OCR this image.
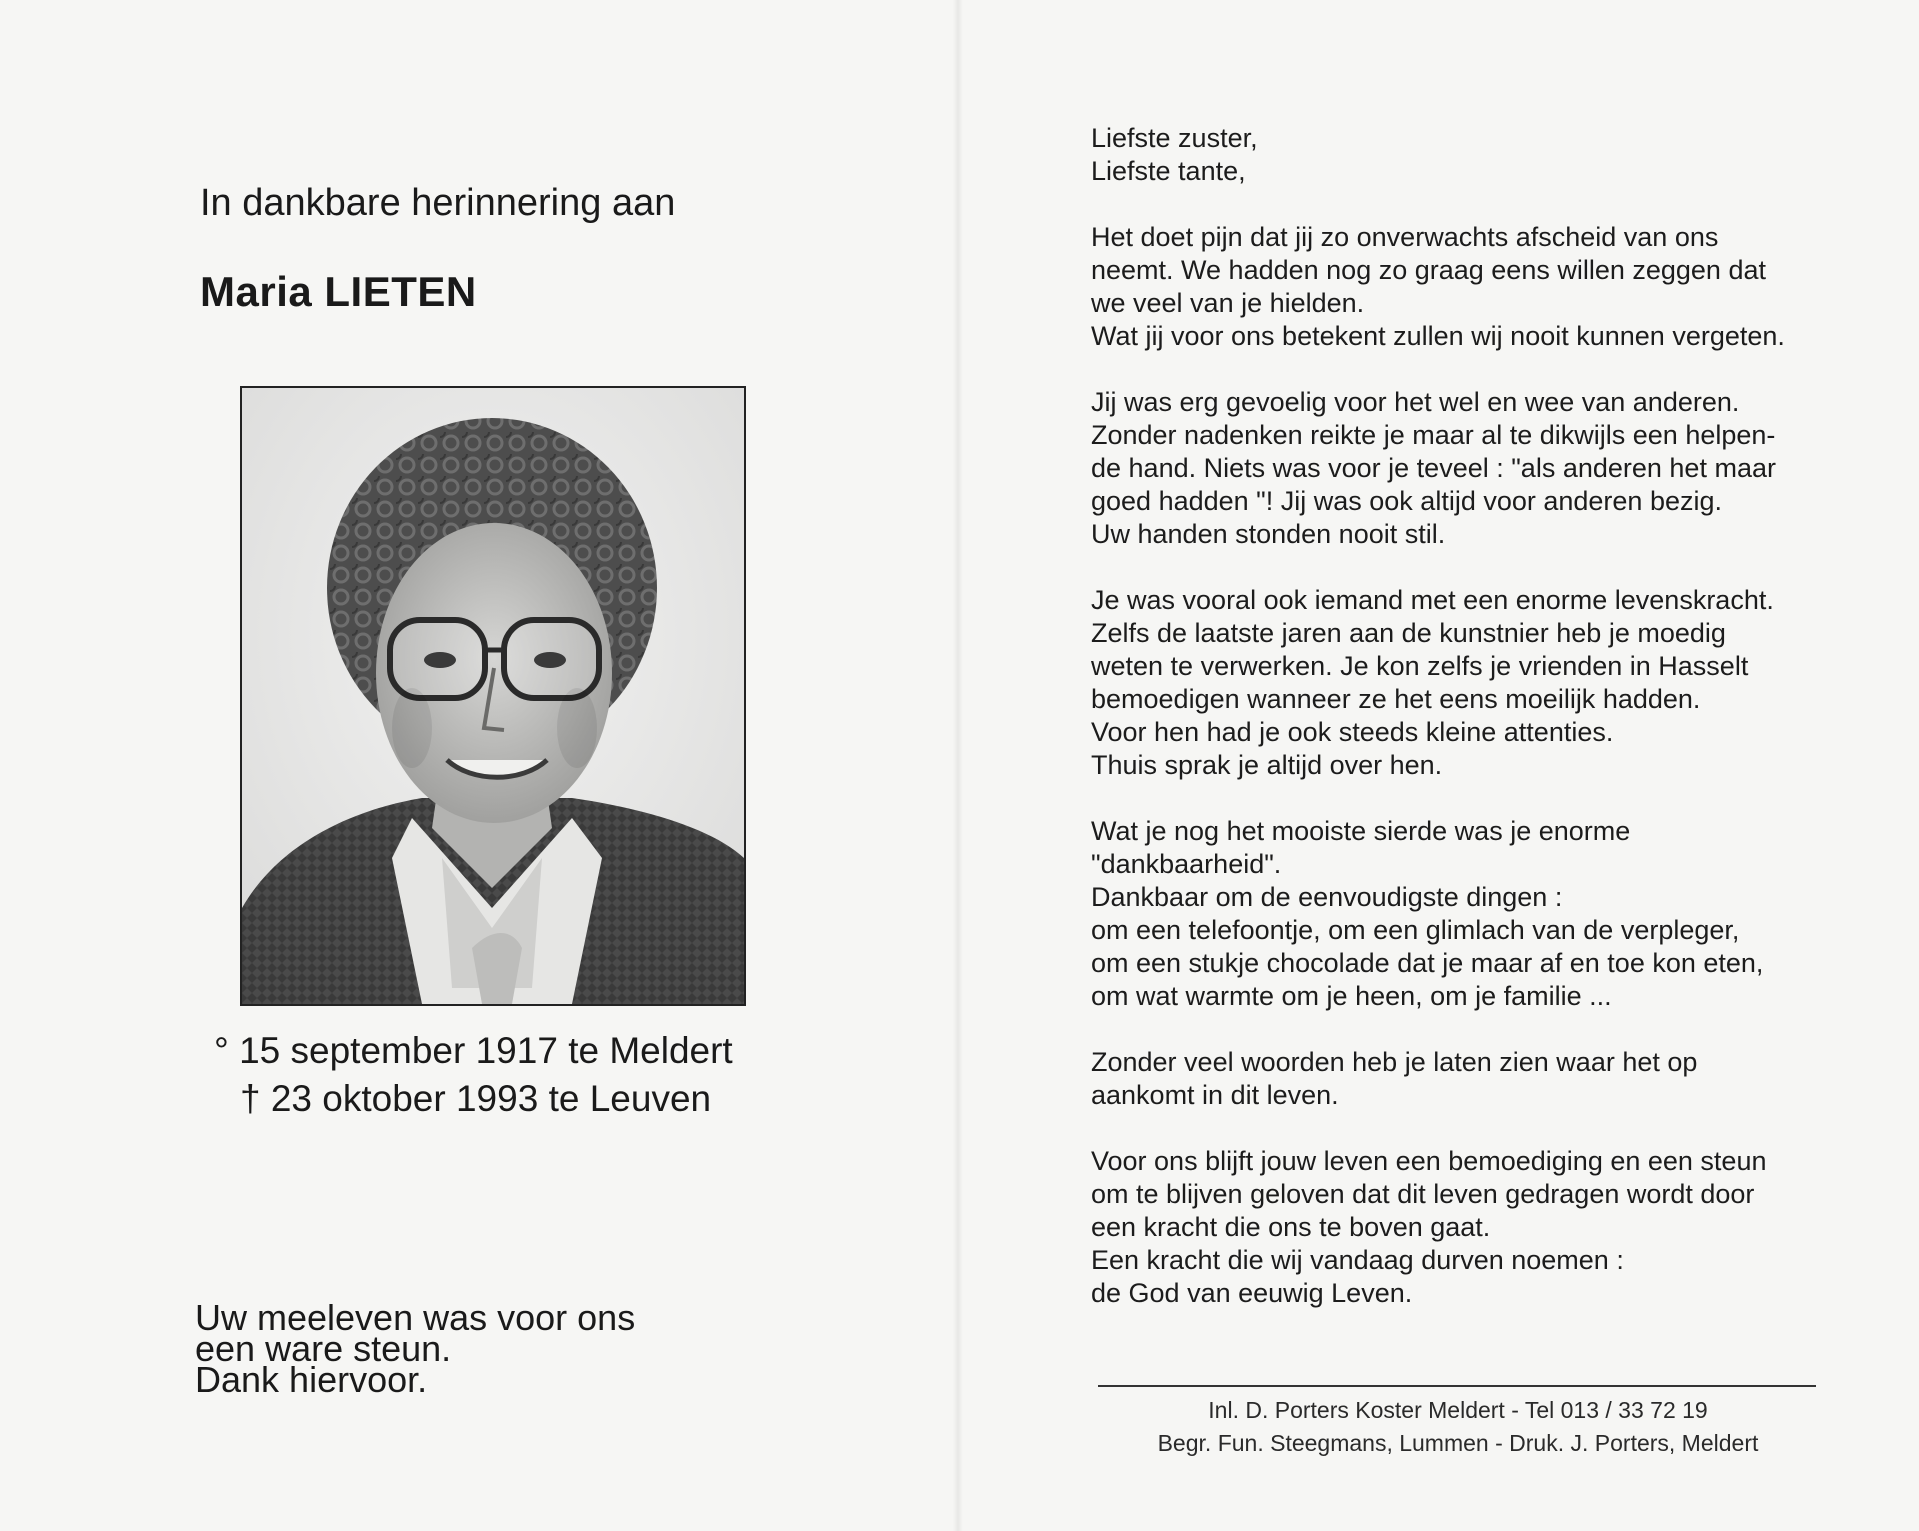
In dankbare herinnering aan
Maria LIETEN
° 15 september 1917 te Meldert
† 23 oktober 1993 te Leuven
Uw meeleven was voor ons
een ware steun.
Dank hiervoor.
Liefste zuster,
Liefste tante,
Het doet pijn dat jij zo onverwachts afscheid van ons
neemt. We hadden nog zo graag eens willen zeggen dat
we veel van je hielden.
Wat jij voor ons betekent zullen wij nooit kunnen vergeten.
Jij was erg gevoelig voor het wel en wee van anderen.
Zonder nadenken reikte je maar al te dikwijls een helpen-
de hand. Niets was voor je teveel : "als anderen het maar
goed hadden "! Jij was ook altijd voor anderen bezig.
Uw handen stonden nooit stil.
Je was vooral ook iemand met een enorme levenskracht.
Zelfs de laatste jaren aan de kunstnier heb je moedig
weten te verwerken. Je kon zelfs je vrienden in Hasselt
bemoedigen wanneer ze het eens moeilijk hadden.
Voor hen had je ook steeds kleine attenties.
Thuis sprak je altijd over hen.
Wat je nog het mooiste sierde was je enorme
"dankbaarheid".
Dankbaar om de eenvoudigste dingen :
om een telefoontje, om een glimlach van de verpleger,
om een stukje chocolade dat je maar af en toe kon eten,
om wat warmte om je heen, om je familie ...
Zonder veel woorden heb je laten zien waar het op
aankomt in dit leven.
Voor ons blijft jouw leven een bemoediging en een steun
om te blijven geloven dat dit leven gedragen wordt door
een kracht die ons te boven gaat.
Een kracht die wij vandaag durven noemen :
de God van eeuwig Leven.
Inl. D. Porters Koster Meldert - Tel 013 / 33 72 19
Begr. Fun. Steegmans, Lummen - Druk. J. Porters, Meldert
